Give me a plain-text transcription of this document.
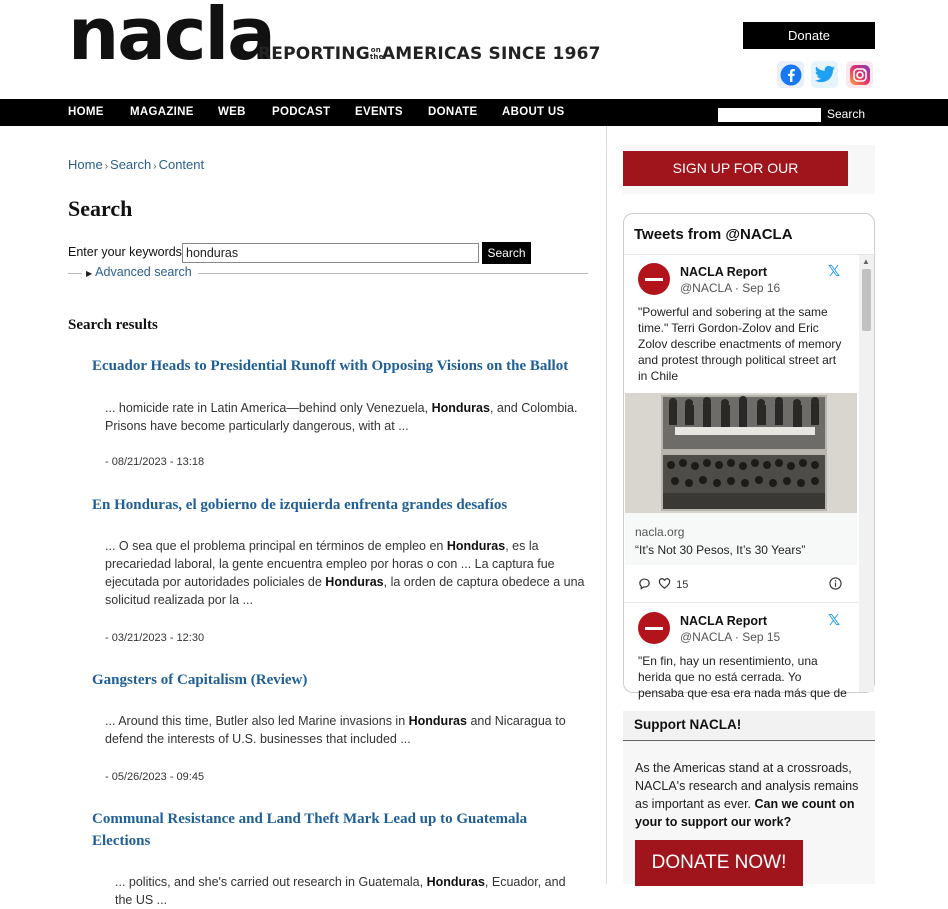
nacla
REPORTINGon
theAMERICAS SINCE 1967
Donate
HOME MAGAZINE WEB PODCAST EVENTS DONATE ABOUT US	Search
Home › Search › Content
Search
Enter your keywords
honduras	Search
▶ Advanced search
Search results
Ecuador Heads to Presidential Runoff with Opposing Visions on the Ballot
... homicide rate in Latin America—behind only Venezuela, Honduras, and Colombia. Prisons have become particularly dangerous, with at ...
- 08/21/2023 - 13:18
En Honduras, el gobierno de izquierda enfrenta grandes desafíos
... O sea que el problema principal en términos de empleo en Honduras, es la precariedad laboral, la gente encuentra empleo por horas o con ... La captura fue ejecutada por autoridades policiales de Honduras, la orden de captura obedece a una solicitud realizada por la ...
- 03/21/2023 - 12:30
Gangsters of Capitalism (Review)
... Around this time, Butler also led Marine invasions in Honduras and Nicaragua to defend the interests of U.S. businesses that included ...
- 05/26/2023 - 09:45
Communal Resistance and Land Theft Mark Lead up to Guatemala Elections
... politics, and she's carried out research in Guatemala, Honduras, Ecuador, and the US ...
SIGN UP FOR OUR NEWSLETTER!
Tweets from @NACLA
NACLA Report
@NACLA · Sep 16
𝕏
"Powerful and sobering at the same time." Terri Gordon-Zolov and Eric Zolov describe enactments of memory and protest through political street art in Chile
nacla.org
“It’s Not 30 Pesos, It’s 30 Years”
15
NACLA Report
@NACLA · Sep 15
𝕏
"En fin, hay un resentimiento, una herida que no está cerrada. Yo pensaba que esa era nada más que de
▲
Support NACLA!
As the Americas stand at a crossroads, NACLA's research and analysis remains as important as ever. Can we count on your to support our work?
DONATE NOW!
